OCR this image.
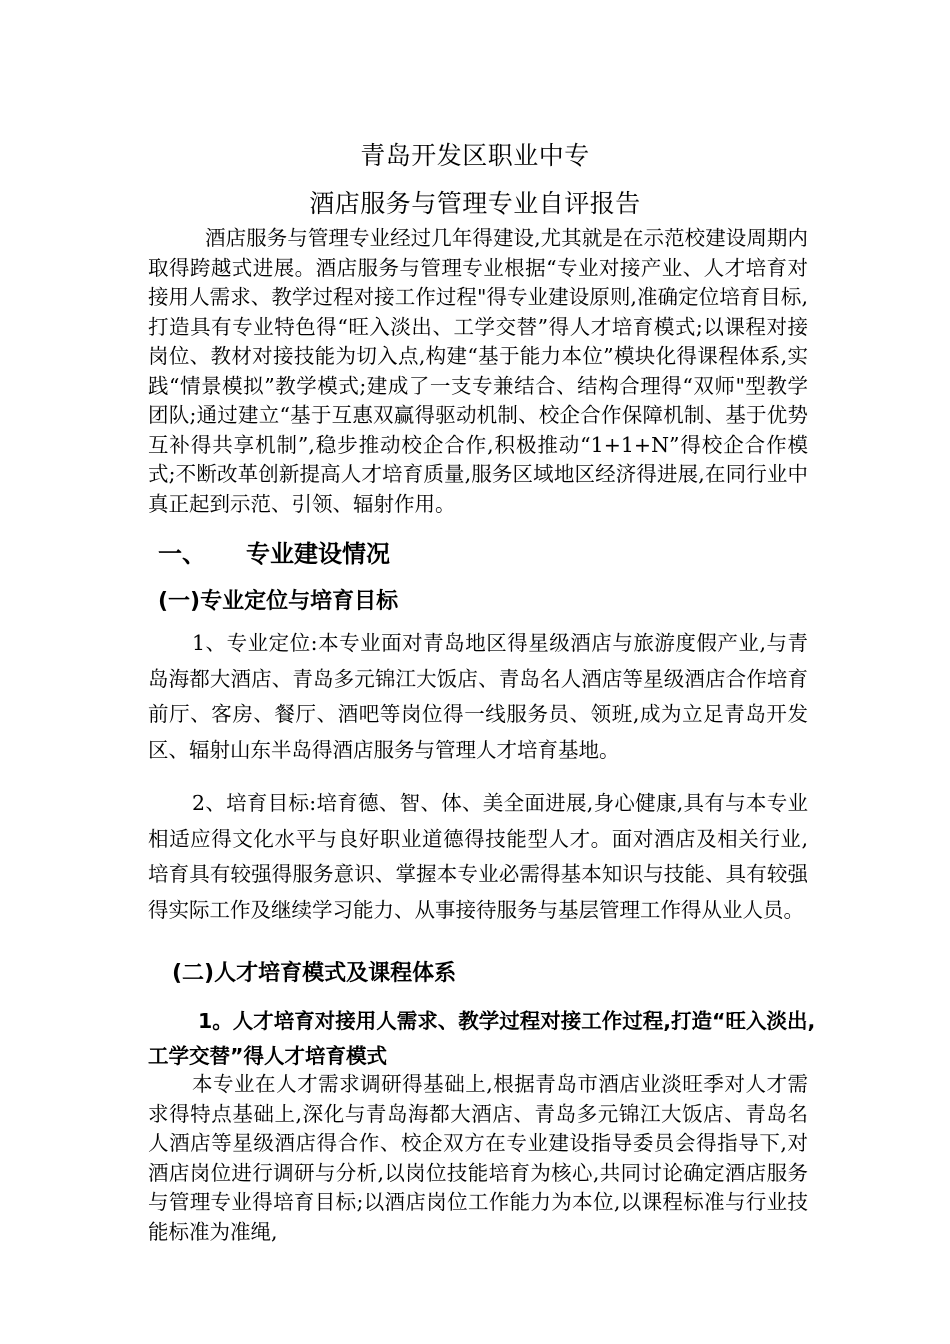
青岛开发区职业中专
酒店服务与管理专业自评报告

酒店服务与管理专业经过几年得建设,尤其就是在示范校建设周期内取得跨越式进展。酒店服务与管理专业根据“专业对接产业、人才培育对接用人需求、教学过程对接工作过程"得专业建设原则,准确定位培育目标,打造具有专业特色得“旺入淡出、工学交替”得人才培育模式;以课程对接岗位、教材对接技能为切入点,构建“基于能力本位”模块化得课程体系,实践“情景模拟”教学模式;建成了一支专兼结合、结构合理得“双师"型教学团队;通过建立“基于互惠双赢得驱动机制、校企合作保障机制、基于优势互补得共享机制”,稳步推动校企合作,积极推动“1+1+N”得校企合作模式;不断改革创新提高人才培育质量,服务区域地区经济得进展,在同行业中真正起到示范、引领、辐射作用。

一、 专业建设情况
(一)专业定位与培育目标

1、专业定位:本专业面对青岛地区得星级酒店与旅游度假产业,与青岛海都大酒店、青岛多元锦江大饭店、青岛名人酒店等星级酒店合作培育前厅、客房、餐厅、酒吧等岗位得一线服务员、领班,成为立足青岛开发区、辐射山东半岛得酒店服务与管理人才培育基地。

2、培育目标:培育德、智、体、美全面进展,身心健康,具有与本专业相适应得文化水平与良好职业道德得技能型人才。面对酒店及相关行业,培育具有较强得服务意识、掌握本专业必需得基本知识与技能、具有较强得实际工作及继续学习能力、从事接待服务与基层管理工作得从业人员。

(二)人才培育模式及课程体系
1。人才培育对接用人需求、教学过程对接工作过程,打造“旺入淡出,工学交替”得人才培育模式

本专业在人才需求调研得基础上,根据青岛市酒店业淡旺季对人才需求得特点基础上,深化与青岛海都大酒店、青岛多元锦江大饭店、青岛名人酒店等星级酒店得合作、校企双方在专业建设指导委员会得指导下,对酒店岗位进行调研与分析,以岗位技能培育为核心,共同讨论确定酒店服务与管理专业得培育目标;以酒店岗位工作能力为本位,以课程标准与行业技能标准为准绳,
